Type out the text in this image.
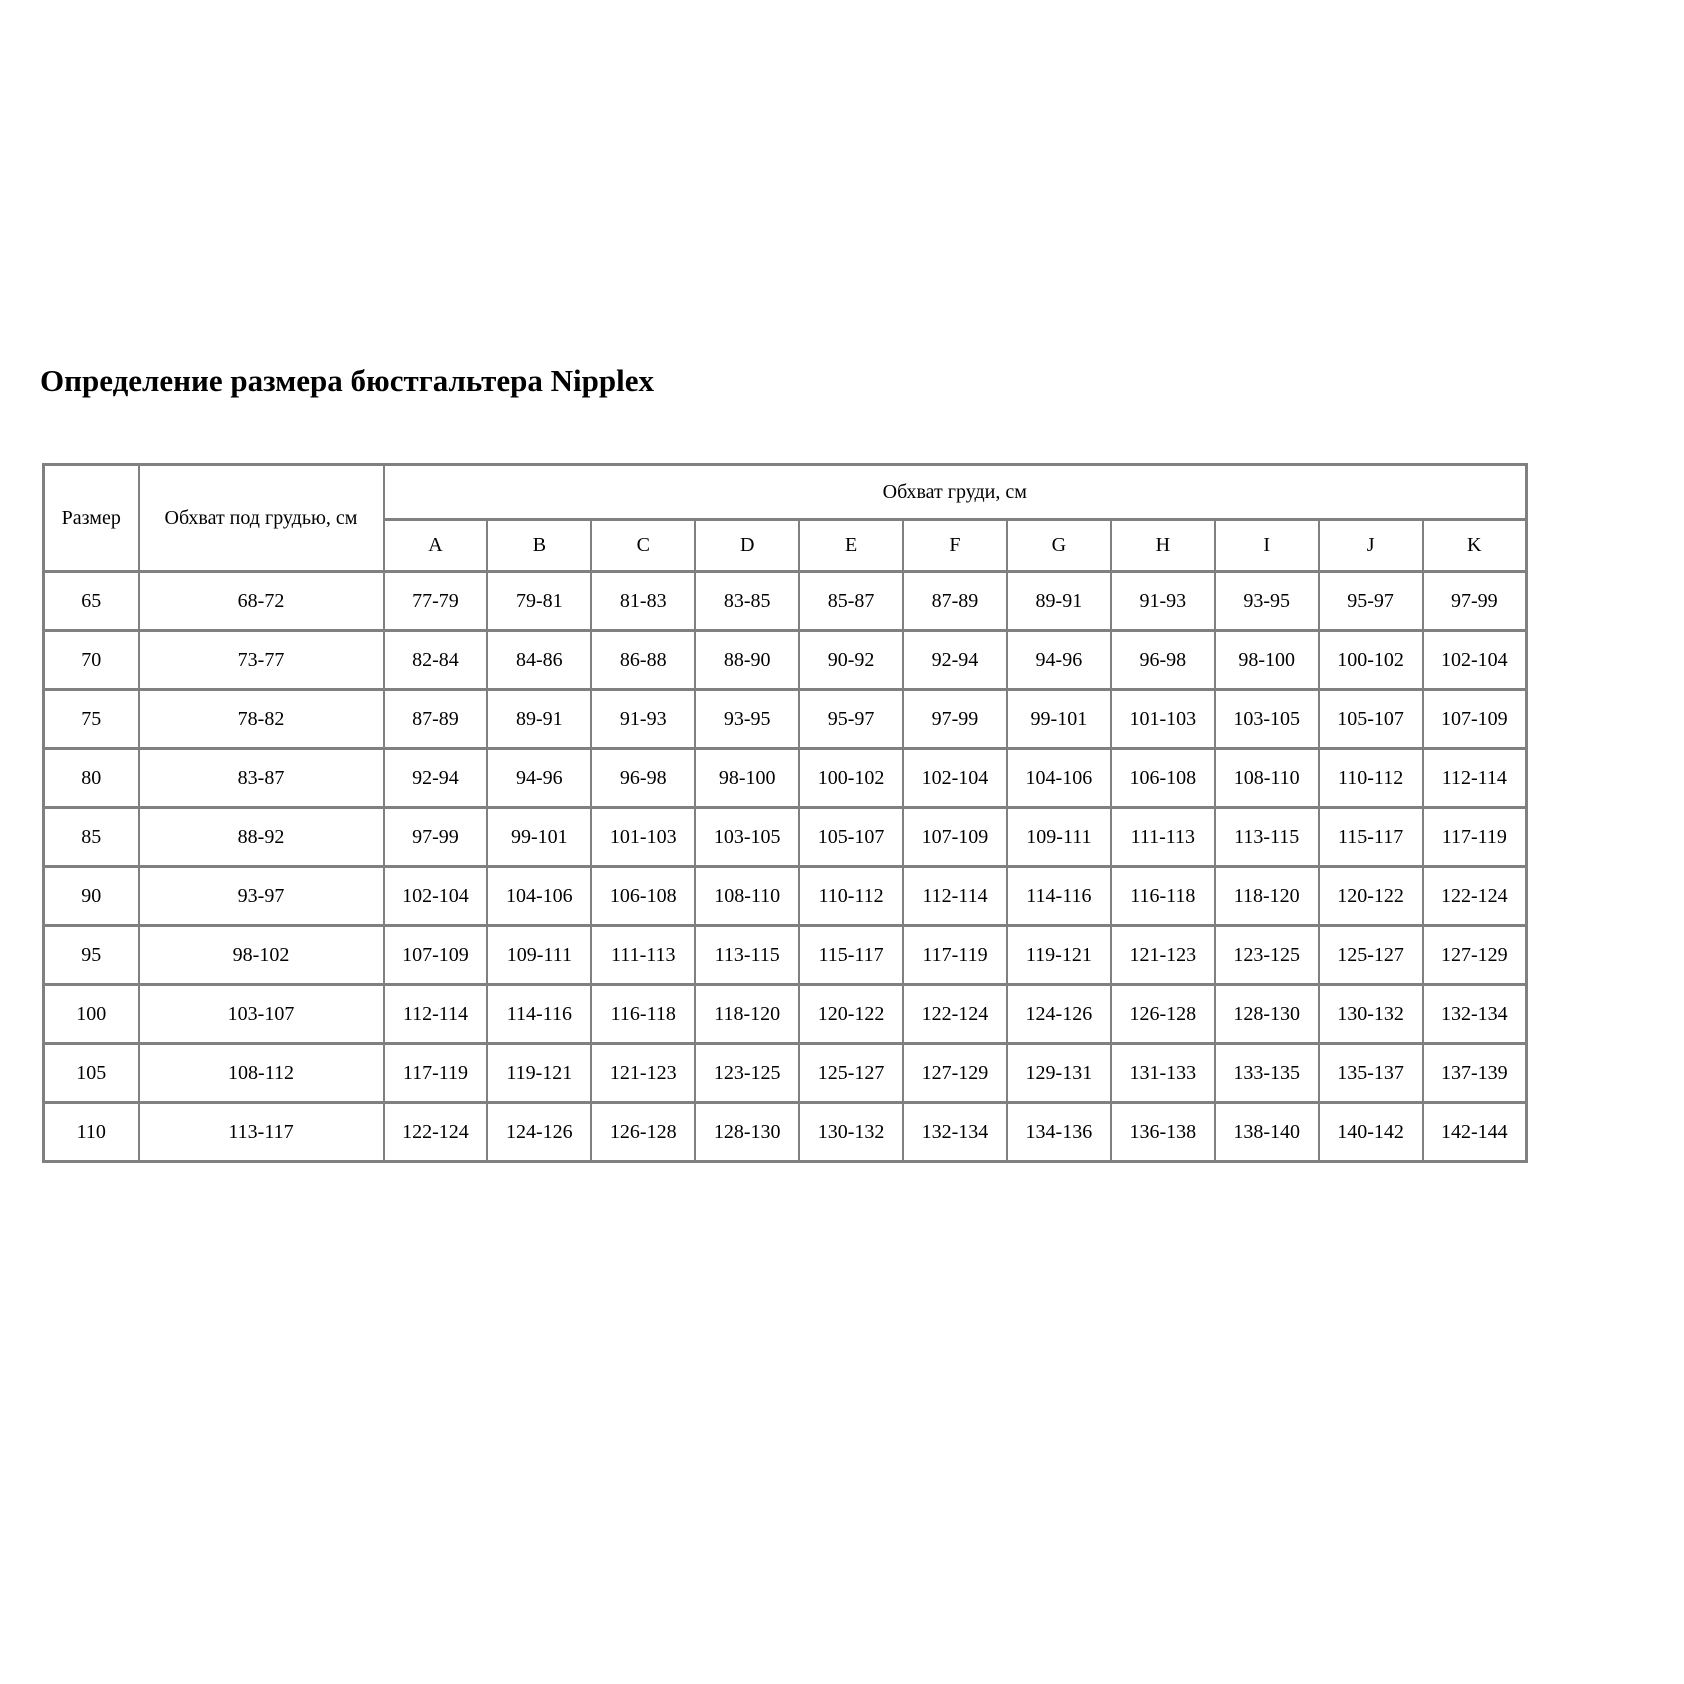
Определение размера бюстгальтера Nipplex
Размер	Обхват под грудью, см	Обхват груди, см										
		A	B	C	D	E	F	G	H	I	J	K
65	68-72	77-79	79-81	81-83	83-85	85-87	87-89	89-91	91-93	93-95	95-97	97-99
70	73-77	82-84	84-86	86-88	88-90	90-92	92-94	94-96	96-98	98-100	100-102	102-104
75	78-82	87-89	89-91	91-93	93-95	95-97	97-99	99-101	101-103	103-105	105-107	107-109
80	83-87	92-94	94-96	96-98	98-100	100-102	102-104	104-106	106-108	108-110	110-112	112-114
85	88-92	97-99	99-101	101-103	103-105	105-107	107-109	109-111	111-113	113-115	115-117	117-119
90	93-97	102-104	104-106	106-108	108-110	110-112	112-114	114-116	116-118	118-120	120-122	122-124
95	98-102	107-109	109-111	111-113	113-115	115-117	117-119	119-121	121-123	123-125	125-127	127-129
100	103-107	112-114	114-116	116-118	118-120	120-122	122-124	124-126	126-128	128-130	130-132	132-134
105	108-112	117-119	119-121	121-123	123-125	125-127	127-129	129-131	131-133	133-135	135-137	137-139
110	113-117	122-124	124-126	126-128	128-130	130-132	132-134	134-136	136-138	138-140	140-142	142-144
